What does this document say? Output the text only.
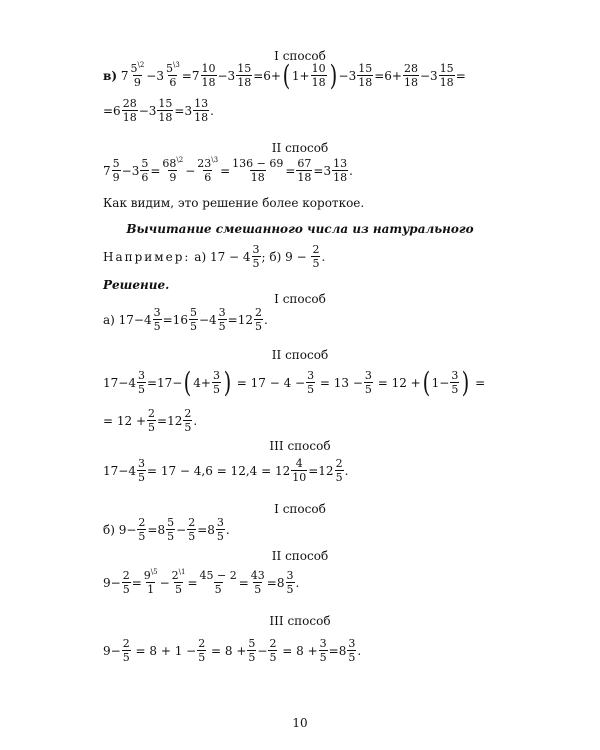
I способ
в) $7 \frac{5^{\backslash 2}}{9} -3 \frac{5^{\backslash 3}}{6} =7 \frac{10}{18} -3 \frac{15}{18} =6+$ ( $1+ \frac{10}{18}$ ) $-3 \frac{15}{18} =6+ \frac{28}{18} -3 \frac{15}{18}$ =
$=6 \frac{28}{18} -3 \frac{15}{18} =3 \frac{13}{18}$ .
II способ
$7 \frac{5}{9} -3 \frac{5}{6} = \frac{68^{\backslash 2}}{9} - \frac{23^{\backslash 3}}{6} = \frac{136 - 69}{18} = \frac{67}{18} =3 \frac{13}{18}$ .
Как видим, это решение более короткое.
Вычитание смешанного числа из натурального
Например:
а) $17 - 4 \frac{3}{5}$ ; б) 9 −
$\frac{2}{5}$ .
Решение.
I способ
а) $17-4 \frac{3}{5} =16 \frac{5}{5} -4 \frac{3}{5} =12 \frac{2}{5}$ .
II способ
$17-4 \frac{3}{5} =17-$ ( $4+ \frac{3}{5}$ ) = $17 - 4 - \frac{3}{5} = 13 - \frac{3}{5} = 12$ + ( $1- \frac{3}{5}$ ) =
= $12 + \frac{2}{5} =12 \frac{2}{5}$ .
III способ
$17-4 \frac{3}{5} = 17 - 4,6 = 12,4 = 12 \frac{4}{10} =12 \frac{2}{5}$ .
I способ
б) $9- \frac{2}{5} =8 \frac{5}{5} - \frac{2}{5} =8 \frac{3}{5}$ .
II способ
$9- \frac{2}{5} = \frac{9^{\backslash 5}}{1} - \frac{2^{\backslash 1}}{5} = \frac{45 - 2}{5} = \frac{43}{5} =8 \frac{3}{5}$ .
III способ
$9- \frac{2}{5} = 8 + 1 - \frac{2}{5} = 8 + \frac{5}{5} - \frac{2}{5} = 8 + \frac{3}{5} =8 \frac{3}{5}$ .
10
